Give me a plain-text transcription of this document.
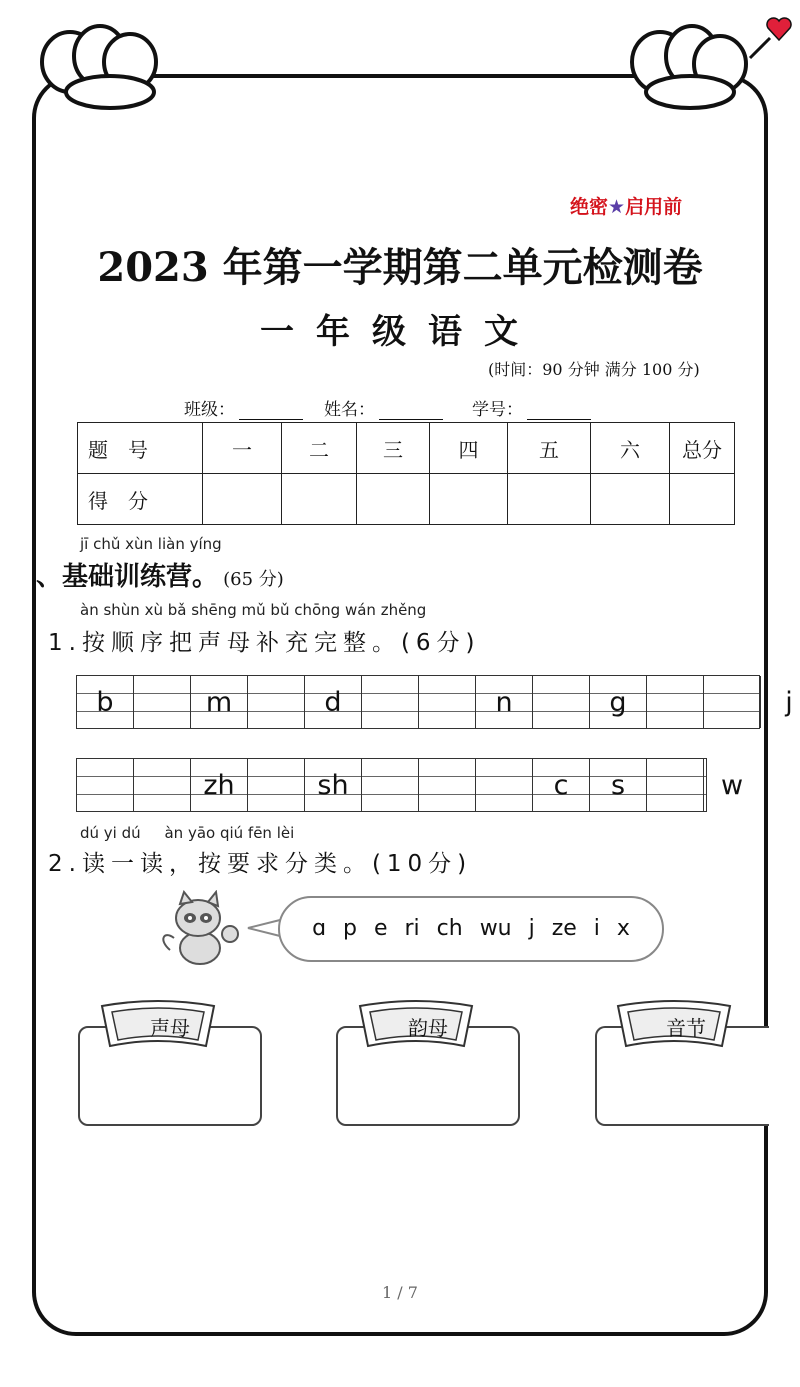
绝密★启用前
2023 年第一学期第二单元检测卷
一年级语文
(时间：90 分钟 满分 100 分)
班级：	姓名：	学号：
题　号	一	二	三	四	五	六	总分
得　分							
jī chǔ xùn liàn yíng
、基础训练营。 (65 分)
àn shùn xù bǎ shēng mǔ bǔ chōng wán zhěng
1.按顺序把声母补充完整。(6分)
b	m	d	n	g	j
zh	sh	c	s	w
dú yi dú     àn yāo qiú fēn lèi
2.读一读，按要求分类。(10分)
ɑ p e ri ch wu j ze i x
声母	韵母	音节
1 / 7
